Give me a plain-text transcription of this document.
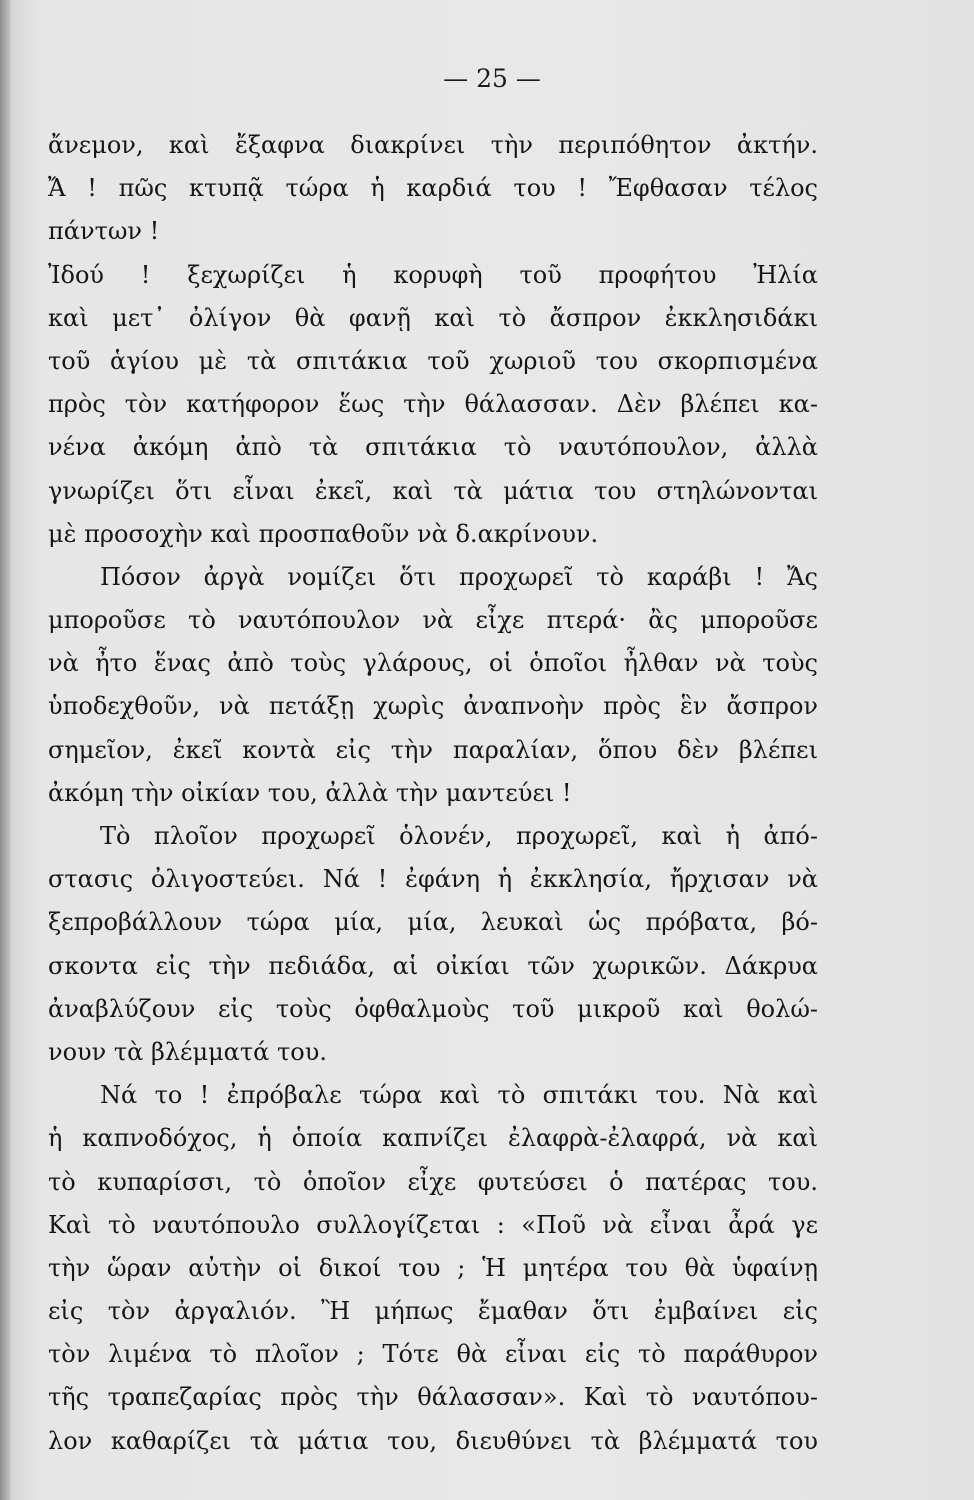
— 25 —
ἄνεμον, καὶ ἔξαφνα διακρίνει τὴν περιπόθητον ἀκτήν.
Ἄ ! πῶς κτυπᾷ τώρα ἡ καρδιά του ! Ἔφθασαν τέλος
πάντων !
Ἰδού ! ξεχωρίζει ἡ κορυφὴ τοῦ προφήτου Ἠλία
καὶ μετ᾽ ὀλίγον θὰ φανῇ καὶ τὸ ἄσπρον ἐκκλησιδάκι
τοῦ ἁγίου μὲ τὰ σπιτάκια τοῦ χωριοῦ του σκορπισμένα
πρὸς τὸν κατήφορον ἕως τὴν θάλασσαν. Δὲν βλέπει κα-
νένα ἀκόμη ἀπὸ τὰ σπιτάκια τὸ ναυτόπουλον, ἀλλὰ
γνωρίζει ὅτι εἶναι ἐκεῖ, καὶ τὰ μάτια του στηλώνονται
μὲ προσοχὴν καὶ προσπαθοῦν νὰ δ.ακρίνουν.
Πόσον ἀργὰ νομίζει ὅτι προχωρεῖ τὸ καράβι ! Ἄς
μποροῦσε τὸ ναυτόπουλον νὰ εἶχε πτερά· ἂς μποροῦσε
νὰ ἦτο ἕνας ἀπὸ τοὺς γλάρους, οἱ ὁποῖοι ἦλθαν νὰ τοὺς
ὑποδεχθοῦν, νὰ πετάξῃ χωρὶς ἀναπνοὴν πρὸς ἓν ἄσπρον
σημεῖον, ἐκεῖ κοντὰ εἰς τὴν παραλίαν, ὅπου δὲν βλέπει
ἀκόμη τὴν οἰκίαν του, ἀλλὰ τὴν μαντεύει !
Τὸ πλοῖον προχωρεῖ ὁλονέν, προχωρεῖ, καὶ ἡ ἀπό-
στασις ὀλιγοστεύει. Νά ! ἐφάνη ἡ ἐκκλησία, ἤρχισαν νὰ
ξεπροβάλλουν τώρα μία, μία, λευκαὶ ὡς πρόβατα, βό-
σκοντα εἰς τὴν πεδιάδα, αἱ οἰκίαι τῶν χωρικῶν. Δάκρυα
ἀναβλύζουν εἰς τοὺς ὀφθαλμοὺς τοῦ μικροῦ καὶ θολώ-
νουν τὰ βλέμματά του.
Νά το ! ἐπρόβαλε τώρα καὶ τὸ σπιτάκι του. Νὰ καὶ
ἡ καπνοδόχος, ἡ ὁποία καπνίζει ἐλαφρὰ-ἐλαφρά, νὰ καὶ
τὸ κυπαρίσσι, τὸ ὁποῖον εἶχε φυτεύσει ὁ πατέρας του.
Καὶ τὸ ναυτόπουλο συλλογίζεται : «Ποῦ νὰ εἶναι ἆρά γε
τὴν ὥραν αὐτὴν οἱ δικοί του ; Ἡ μητέρα του θὰ ὑφαίνῃ
εἰς τὸν ἀργαλιόν. Ἢ μήπως ἔμαθαν ὅτι ἐμβαίνει εἰς
τὸν λιμένα τὸ πλοῖον ; Τότε θὰ εἶναι εἰς τὸ παράθυρον
τῆς τραπεζαρίας πρὸς τὴν θάλασσαν». Καὶ τὸ ναυτόπου-
λον καθαρίζει τὰ μάτια του, διευθύνει τὰ βλέμματά του
